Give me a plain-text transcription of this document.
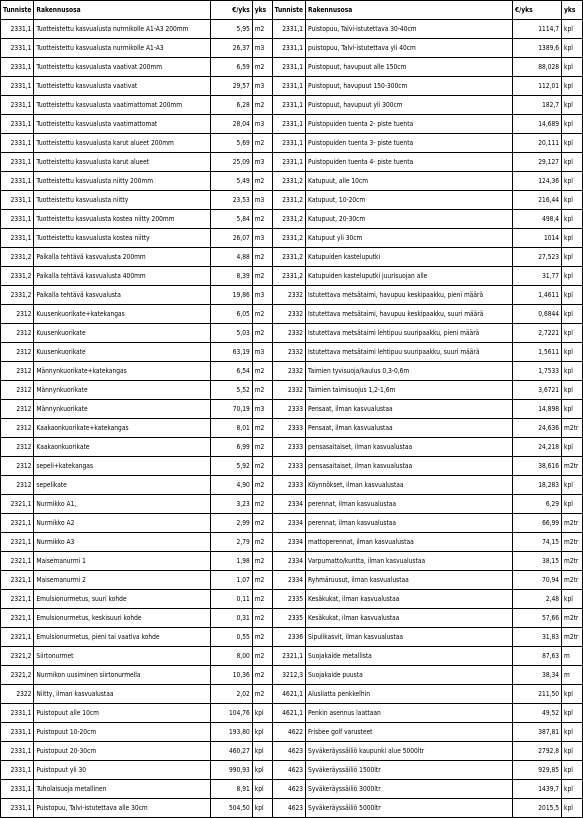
Tunniste	Rakennusosa	€/yks	yks
2331,1	Tuotteistettu kasvualusta nurmikolle A1-A3 200mm	5,95	m2
2331,1	Tuotteistettu kasvualusta nurmikolle A1-A3	26,37	m3
2331,1	Tuotteistettu kasvualusta vaativat 200mm	6,59	m2
2331,1	Tuotteistettu kasvualusta vaativat	29,57	m3
2331,1	Tuotteistettu kasvualusta vaatimattomat 200mm	6,28	m2
2331,1	Tuotteistettu kasvualusta vaatimattomat	28,04	m3
2331,1	Tuotteistettu kasvualusta karut alueet 200mm	5,69	m2
2331,1	Tuotteistettu kasvualusta karut alueet	25,09	m3
2331,1	Tuotteistettu kasvualusta niitty 200mm	5,49	m2
2331,1	Tuotteistettu kasvualusta niitty	23,53	m3
2331,1	Tuotteistettu kasvualusta kostea niitty 200mm	5,84	m2
2331,1	Tuotteistettu kasvualusta kostea niitty	26,07	m3
2331,2	Paikalla tehtävä kasvualusta 200mm	4,88	m2
2331,2	Paikalla tehtävä kasvualusta 400mm	8,39	m2
2331,2	Paikalla tehtävä kasvualusta	19,86	m3
2312	Kuusenkuorikate+katekangas	6,05	m2
2312	Kuusenkuorikate	5,03	m2
2312	Kuusenkuorikate	63,19	m3
2312	Männynkuorikate+katekangas	6,54	m2
2312	Männynkuorikate	5,52	m2
2312	Männynkuorikate	70,19	m3
2312	Kaakaonkuorikate+katekangas	8,01	m2
2312	Kaakaonkuorikate	6,99	m2
2312	sepeli+katekangas	5,92	m2
2312	sepelikate	4,90	m2
2321,1	Nurmikko A1,	3,23	m2
2321,1	Nurmikko A2	2,99	m2
2321,1	Nurmikko A3	2,79	m2
2321,1	Maisemanurmi 1	1,98	m2
2321,1	Maisemanurmi 2	1,07	m2
2321,1	Emulsionurmetus, suuri kohde	0,11	m2
2321,1	Emulsionurmetus, keskisuuri kohde	0,31	m2
2321,1	Emulsionurmetus, pieni tai vaativa kohde	0,55	m2
2321,2	Siirtonurmet	8,00	m2
2321,2	Nurmikon uusiminen siirtonurmella	10,36	m2
2322	Niitty, ilman kasvualustaa	2,02	m2
2331,1	Puistopuut alle 10cm	104,76	kpl
2331,1	Puistopuut 10-20cm	193,80	kpl
2331,1	Puistopuut 20-30cm	460,27	kpl
2331,1	Puistopuut yli 30	990,93	kpl
2331,1	Tuholaisuoja metallinen	8,91	kpl
2331,1	Puistopuu, Talvi-istutettava alle 30cm	504,50	kpl
Tunniste	Rakennusosa	€/yks	yks
2331,1	Puistopuu, Talvi-istutettava 30-40cm	1114,7	kpl
2331,1	puistopuu, Talvi-istutettava yli 40cm	1389,6	kpl
2331,1	Puistopuut, havupuut alle 150cm	88,028	kpl
2331,1	Puistopuut, havupuut 150-300cm	112,01	kpl
2331,1	Puistopuut, havupuut yli 300cm	182,7	kpl
2331,1	Puistopuiden tuenta 2- piste tuenta	14,689	kpl
2331,1	Puistopuiden tuenta 3- piste tuenta	20,111	kpl
2331,1	Puistopuiden tuenta 4- piste tuenta	29,127	kpl
2331,2	Katupuut, alle 10cm	124,36	kpl
2331,2	Katupuut, 10-20cm	216,44	kpl
2331,2	Katupuut, 20-30cm	498,4	kpl
2331,2	Katupuut yli 30cm	1014	kpl
2331,2	Katupuiden kasteluputki	27,523	kpl
2331,2	Katupuiden kasteluputki juurisuojan alle	31,77	kpl
2332	Istutettava metsätaimi, havupuu keskipaakku, pieni määrä	1,4611	kpl
2332	Istutettava metsätaimi, havupuu keskipaakku, suuri määrä	0,6844	kpl
2332	Istutettava metsätaimi lehtipuu suuripaakku, pieni määrä	2,7221	kpl
2332	Istutettava metsätaimi lehtipuu suuripaakku, suuri määrä	1,5611	kpl
2332	Taimien tyvisuoja/kaulus 0,3-0,6m	1,7533	kpl
2332	Taimien taimisuojus 1,2-1,6m	3,6721	kpl
2333	Pensaat, ilman kasvualustaa	14,898	kpl
2333	Pensaat, ilman kasvualustaa	24,636	m2tr
2333	pensasaitaiset, ilman kasvualustaa	24,218	kpl
2333	pensasaitaiset, ilman kasvualustaa	38,616	m2tr
2333	Köynnökset, ilman kasvualustaa	18,283	kpl
2334	perennat, ilman kasvualustaa	6,29	kpl
2334	perennat, ilman kasvualustaa	66,99	m2tr
2334	mattoperennat, ilman kasvualustaa	74,15	m2tr
2334	Varpumatto/kuntta, ilman kasvualustaa	38,15	m2tr
2334	Ryhmäruusut, ilman kasvualustaa	70,94	m2tr
2335	Kesäkukat, ilman kasvualustaa	2,48	kpl
2335	Kesäkukat, ilman kasvualustaa	57,66	m2tr
2336	Sipulikasvit, ilman kasvualustaa	31,83	m2tr
2321,1	Suojakaide metallista	87,63	m
3212,3	Suojakaide puusta	38,34	m
4621,1	Alusliatta penkkelhin	211,50	kpl
4621,1	Penkin asennus laattaan	49,52	kpl
4622	Frisbee golf varusteet	387,81	kpl
4623	Syväkeräyssäiliö kaupunki alue 5000ltr	2792,8	kpl
4623	Syväkeräyssäiliö 1500ltr	929,85	kpl
4623	Syväkeräyssäiliö 3000ltr	1439,7	kpl
4623	Syväkeräyssäiliö 5000ltr	2015,5	kpl
